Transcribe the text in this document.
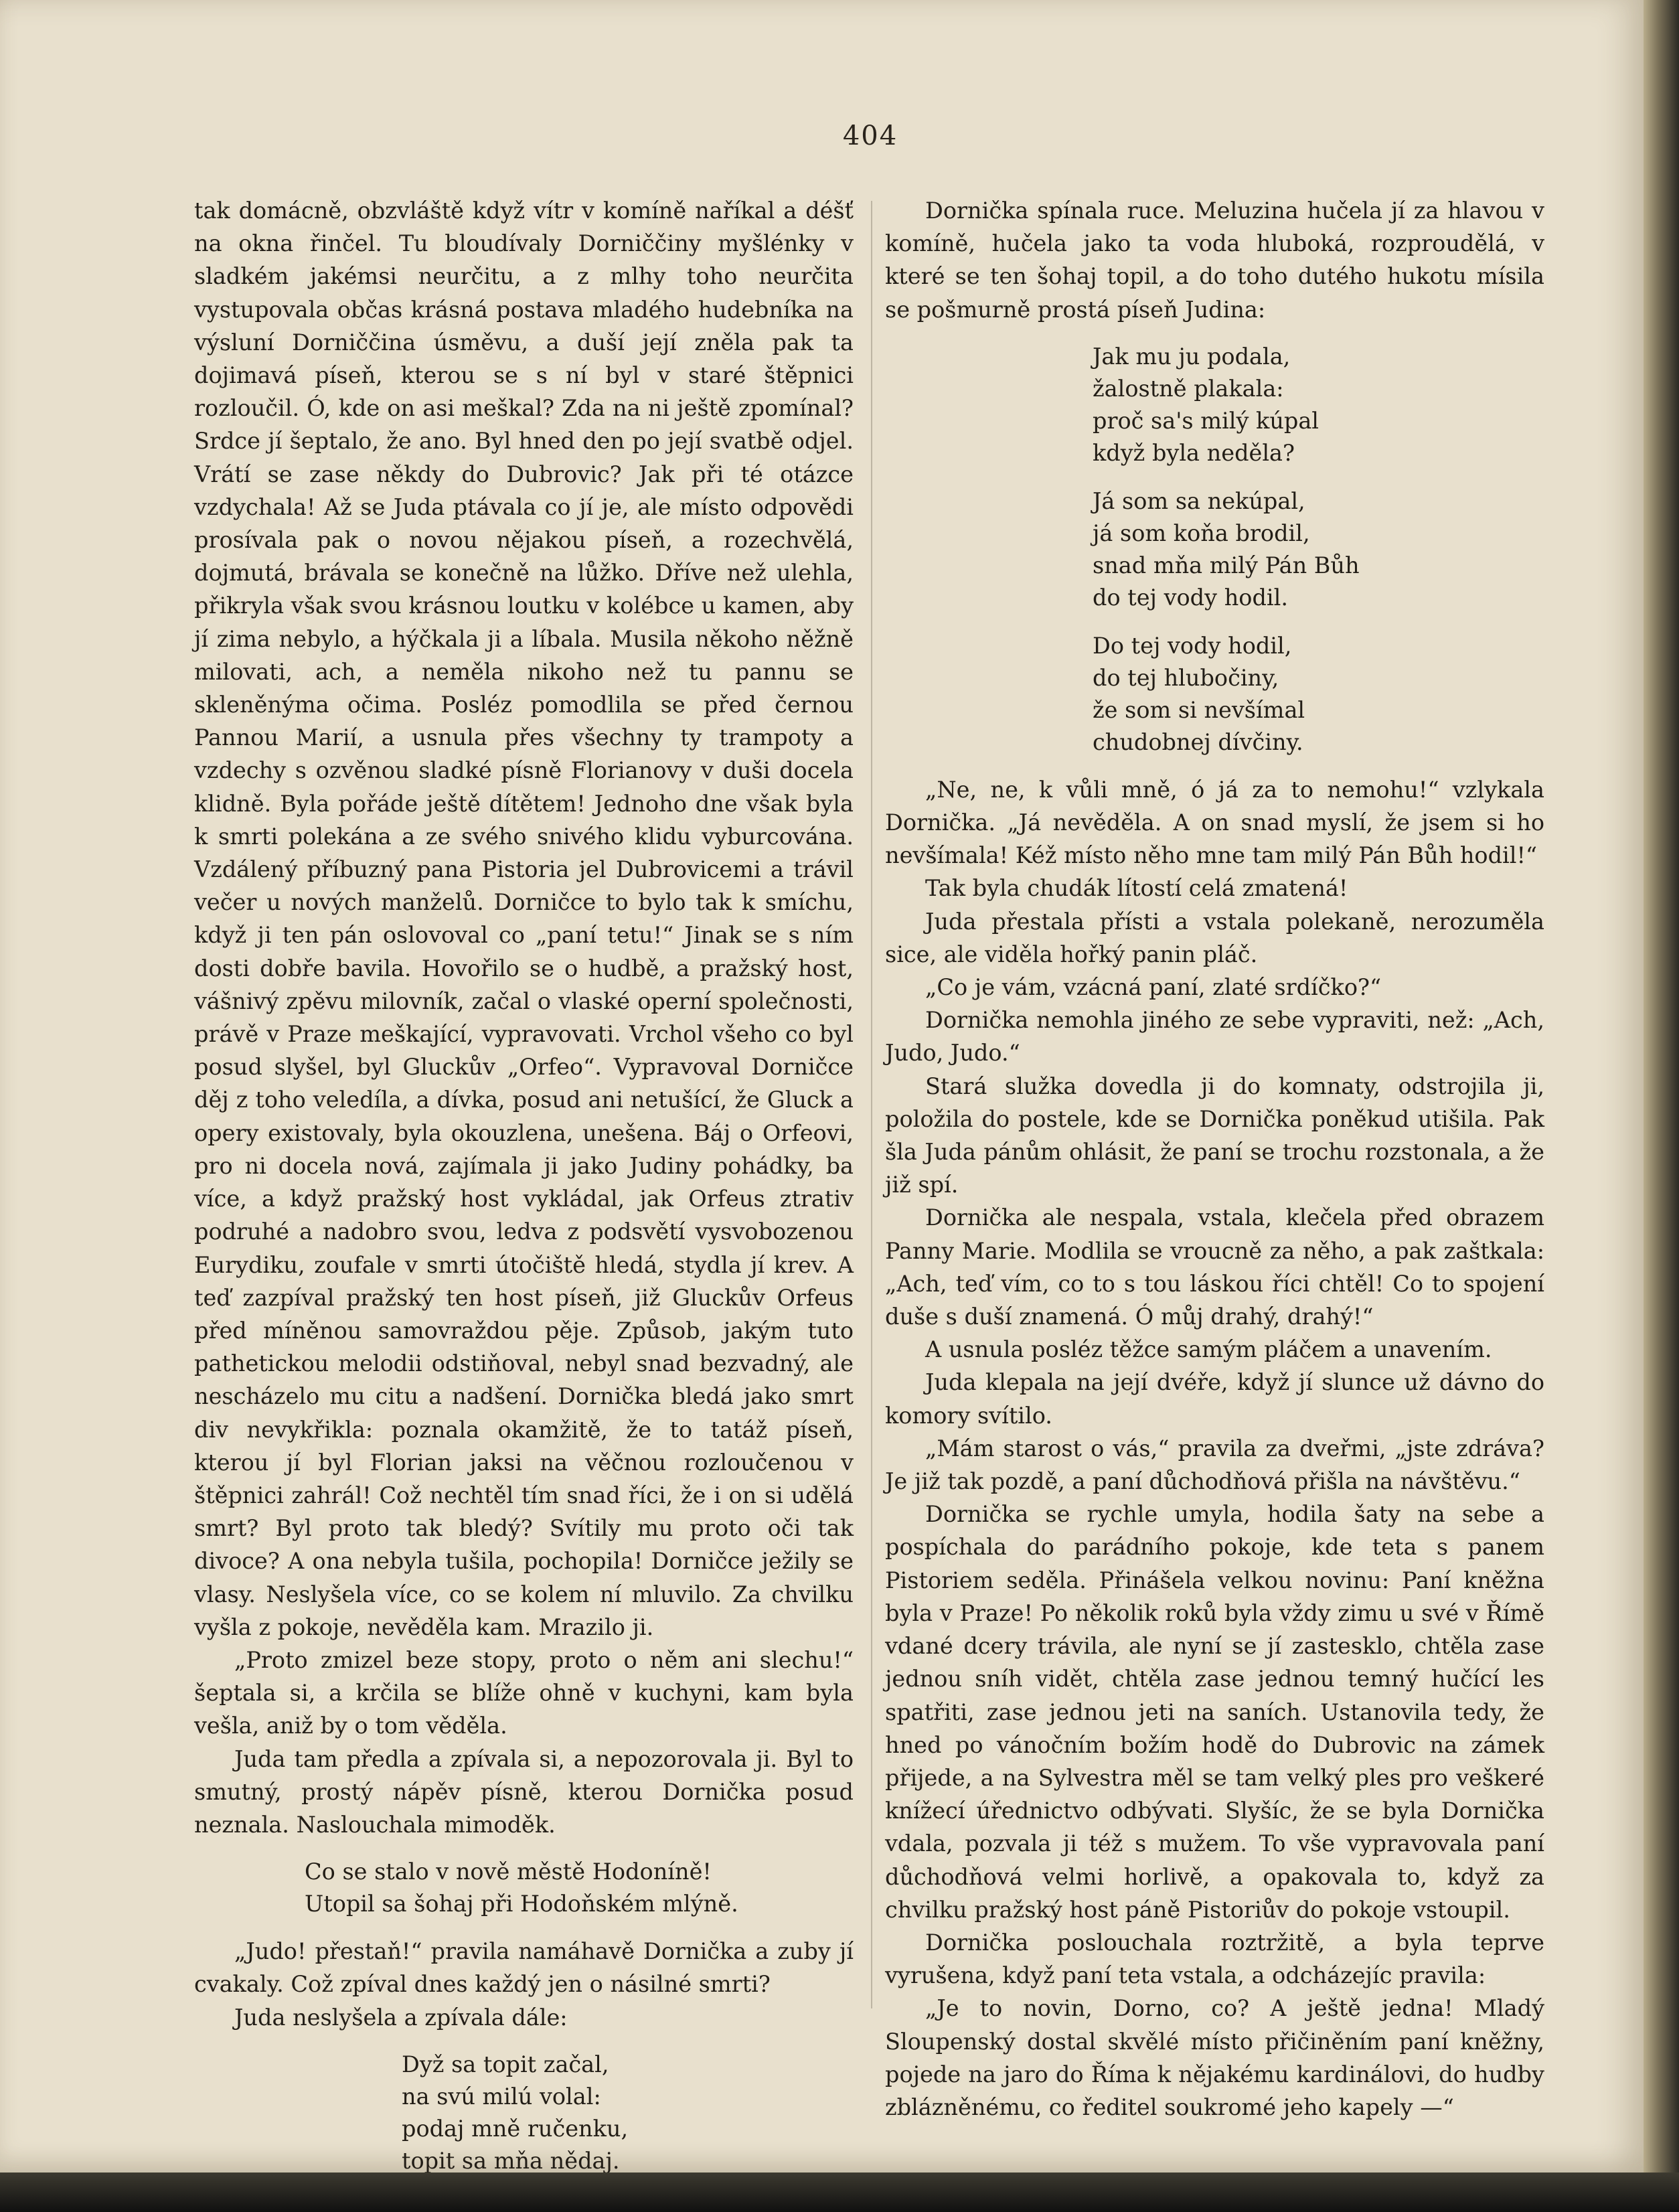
404

tak domácně, obzvláště když vítr v komíně naříkal a déšť na okna řinčel. Tu bloudívaly Dorniččiny myšlénky v sladkém jakémsi neurčitu, a z mlhy toho neurčita vystupovala občas krásná postava mladého hudebníka na výsluní Dorniččina úsměvu, a duší její zněla pak ta dojimavá píseň, kterou se s ní byl v staré štěpnici rozloučil. Ó, kde on asi meškal? Zda na ni ještě zpomínal? Srdce jí šeptalo, že ano. Byl hned den po její svatbě odjel. Vrátí se zase někdy do Dubrovic? Jak při té otázce vzdychala! Až se Juda ptávala co jí je, ale místo odpovědi prosívala pak o novou nějakou píseň, a rozechvělá, dojmutá, brávala se konečně na lůžko. Dříve než ulehla, přikryla však svou krásnou loutku v kolébce u kamen, aby jí zima nebylo, a hýčkala ji a líbala. Musila někoho něžně milovati, ach, a neměla nikoho než tu pannu se skleněnýma očima. Posléz pomodlila se před černou Pannou Marií, a usnula přes všechny ty trampoty a vzdechy s ozvěnou sladké písně Florianovy v duši docela klidně. Byla pořáde ještě dítětem! Jednoho dne však byla k smrti polekána a ze svého snivého klidu vyburcována. Vzdálený příbuzný pana Pistoria jel Dubrovicemi a trávil večer u nových manželů. Dorničce to bylo tak k smíchu, když ji ten pán oslovoval co „paní tetu!“ Jinak se s ním dosti dobře bavila. Hovořilo se o hudbě, a pražský host, vášnivý zpěvu milovník, začal o vlaské operní společnosti, právě v Praze meškající, vypravovati. Vrchol všeho co byl posud slyšel, byl Gluckův „Orfeo“. Vypravoval Dorničce děj z toho veledíla, a dívka, posud ani netušící, že Gluck a opery existovaly, byla okouzlena, unešena. Báj o Orfeovi, pro ni docela nová, zajímala ji jako Judiny pohádky, ba více, a když pražský host vykládal, jak Orfeus ztrativ podruhé a nadobro svou, ledva z podsvětí vysvobozenou Eurydiku, zoufale v smrti útočiště hledá, stydla jí krev. A teď zazpíval pražský ten host píseň, již Gluckův Orfeus před míněnou samovraždou pěje. Způsob, jakým tuto pathetickou melodii odstiňoval, nebyl snad bezvadný, ale nescházelo mu citu a nadšení. Dornička bledá jako smrt div nevykřikla: poznala okamžitě, že to tatáž píseň, kterou jí byl Florian jaksi na věčnou rozloučenou v štěpnici zahrál! Což nechtěl tím snad říci, že i on si udělá smrt? Byl proto tak bledý? Svítily mu proto oči tak divoce? A ona nebyla tušila, pochopila! Dorničce ježily se vlasy. Neslyšela více, co se kolem ní mluvilo. Za chvilku vyšla z pokoje, nevěděla kam. Mrazilo ji.

„Proto zmizel beze stopy, proto o něm ani slechu!“ šeptala si, a krčila se blíže ohně v kuchyni, kam byla vešla, aniž by o tom věděla.

Juda tam předla a zpívala si, a nepozorovala ji. Byl to smutný, prostý nápěv písně, kterou Dornička posud neznala. Naslouchala mimoděk.

Co se stalo v nově městě Hodoníně!
Utopil sa šohaj při Hodoňském mlýně.

„Judo! přestaň!“ pravila namáhavě Dornička a zuby jí cvakaly. Což zpíval dnes každý jen o násilné smrti?

Juda neslyšela a zpívala dále:

Dyž sa topit začal,
na svú milú volal:
podaj mně ručenku,
topit sa mňa nědaj.

Dornička spínala ruce. Meluzina hučela jí za hlavou v komíně, hučela jako ta voda hluboká, rozproudělá, v které se ten šohaj topil, a do toho dutého hukotu mísila se pošmurně prostá píseň Judina:

Jak mu ju podala,
žalostně plakala:
proč sa's milý kúpal
když byla neděla?
Já som sa nekúpal,
já som koňa brodil,
snad mňa milý Pán Bůh
do tej vody hodil.
Do tej vody hodil,
do tej hlubočiny,
že som si nevšímal
chudobnej dívčiny.

„Ne, ne, k vůli mně, ó já za to nemohu!“ vzlykala Dornička. „Já nevěděla. A on snad myslí, že jsem si ho nevšímala! Kéž místo něho mne tam milý Pán Bůh hodil!“

Tak byla chudák lítostí celá zmatená!

Juda přestala přísti a vstala polekaně, nerozuměla sice, ale viděla hořký panin pláč.

„Co je vám, vzácná paní, zlaté srdíčko?“

Dornička nemohla jiného ze sebe vypraviti, než: „Ach, Judo, Judo.“

Stará služka dovedla ji do komnaty, odstrojila ji, položila do postele, kde se Dornička poněkud utišila. Pak šla Juda pánům ohlásit, že paní se trochu rozstonala, a že již spí.

Dornička ale nespala, vstala, klečela před obrazem Panny Marie. Modlila se vroucně za něho, a pak zaštkala: „Ach, teď vím, co to s tou láskou říci chtěl! Co to spojení duše s duší znamená. Ó můj drahý, drahý!“

A usnula posléz těžce samým pláčem a unavením.

Juda klepala na její dvéře, když jí slunce už dávno do komory svítilo.

„Mám starost o vás,“ pravila za dveřmi, „jste zdráva? Je již tak pozdě, a paní důchodňová přišla na návštěvu.“

Dornička se rychle umyla, hodila šaty na sebe a pospíchala do parádního pokoje, kde teta s panem Pistoriem seděla. Přinášela velkou novinu: Paní kněžna byla v Praze! Po několik roků byla vždy zimu u své v Římě vdané dcery trávila, ale nyní se jí zastesklo, chtěla zase jednou sníh vidět, chtěla zase jednou temný hučící les spatřiti, zase jednou jeti na saních. Ustanovila tedy, že hned po vánočním božím hodě do Dubrovic na zámek přijede, a na Sylvestra měl se tam velký ples pro veškeré knížecí úřednictvo odbývati. Slyšíc, že se byla Dornička vdala, pozvala ji též s mužem. To vše vypravovala paní důchodňová velmi horlivě, a opakovala to, když za chvilku pražský host páně Pistoriův do pokoje vstoupil.

Dornička poslouchala roztržitě, a byla teprve vyrušena, když paní teta vstala, a odcházejíc pravila:

„Je to novin, Dorno, co? A ještě jedna! Mladý Sloupenský dostal skvělé místo přičiněním paní kněžny, pojede na jaro do Říma k nějakému kardinálovi, do hudby zblázněnému, co ředitel soukromé jeho kapely —“
